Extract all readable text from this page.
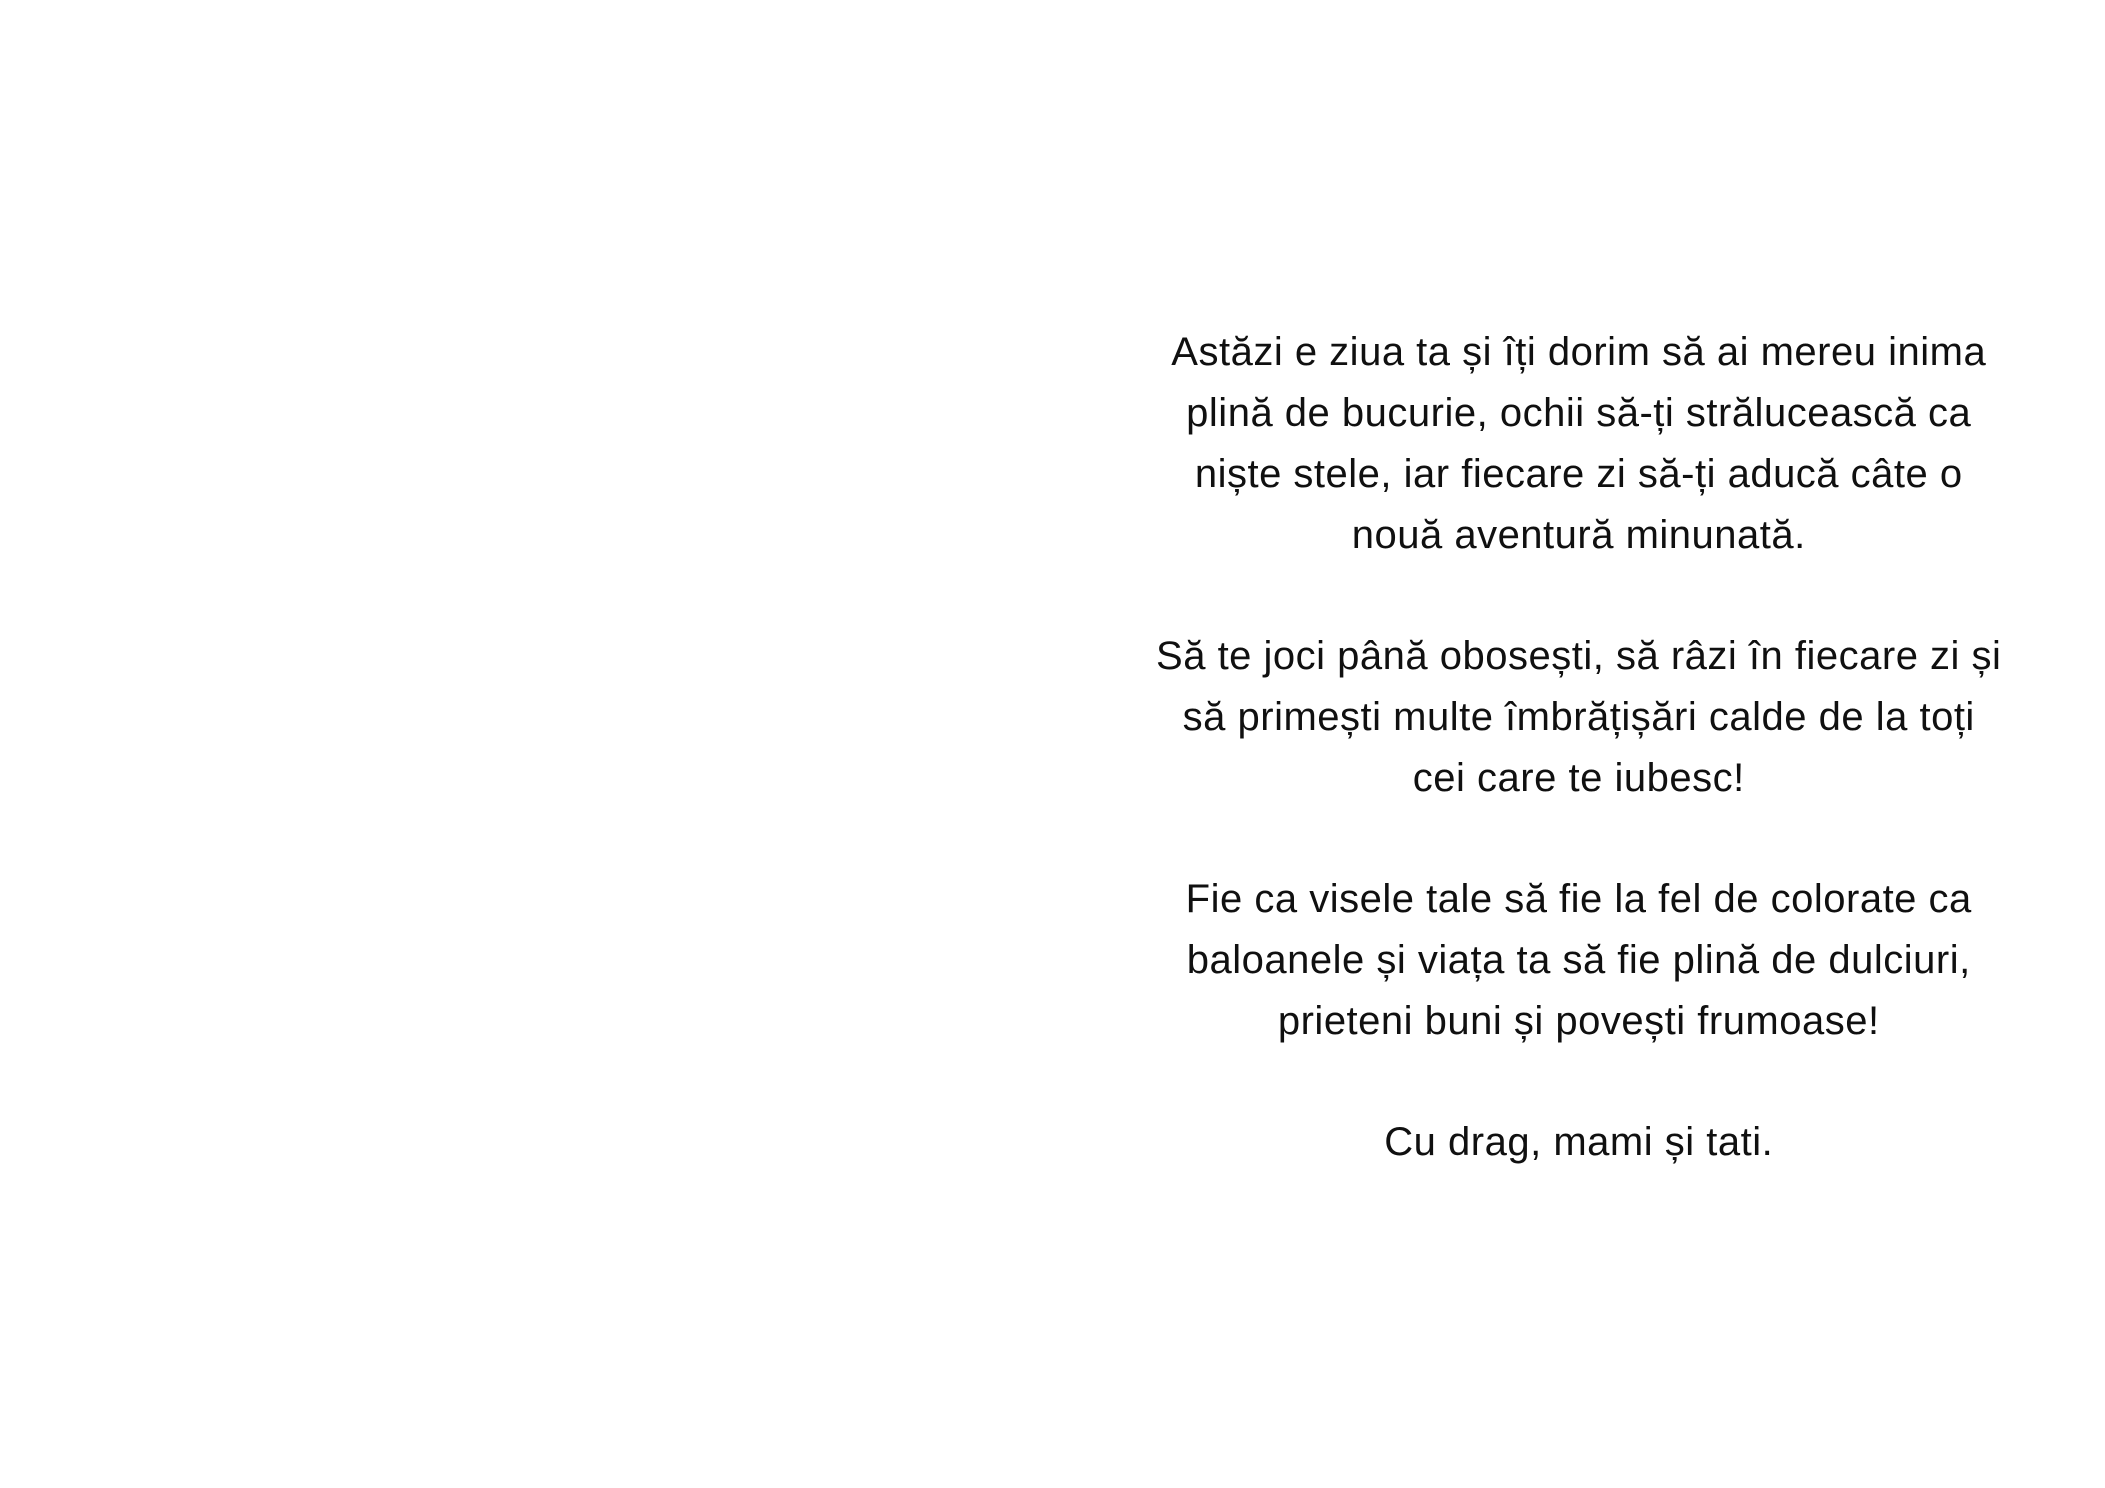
Astăzi e ziua ta și îți dorim să ai mereu inima
plină de bucurie, ochii să-ți strălucească ca
niște stele, iar fiecare zi să-ți aducă câte o
nouă aventură minunată.

Să te joci până obosești, să râzi în fiecare zi și
să primești multe îmbrățișări calde de la toți
cei care te iubesc!

Fie ca visele tale să fie la fel de colorate ca
baloanele și viața ta să fie plină de dulciuri,
prieteni buni și povești frumoase!

Cu drag, mami și tati.
